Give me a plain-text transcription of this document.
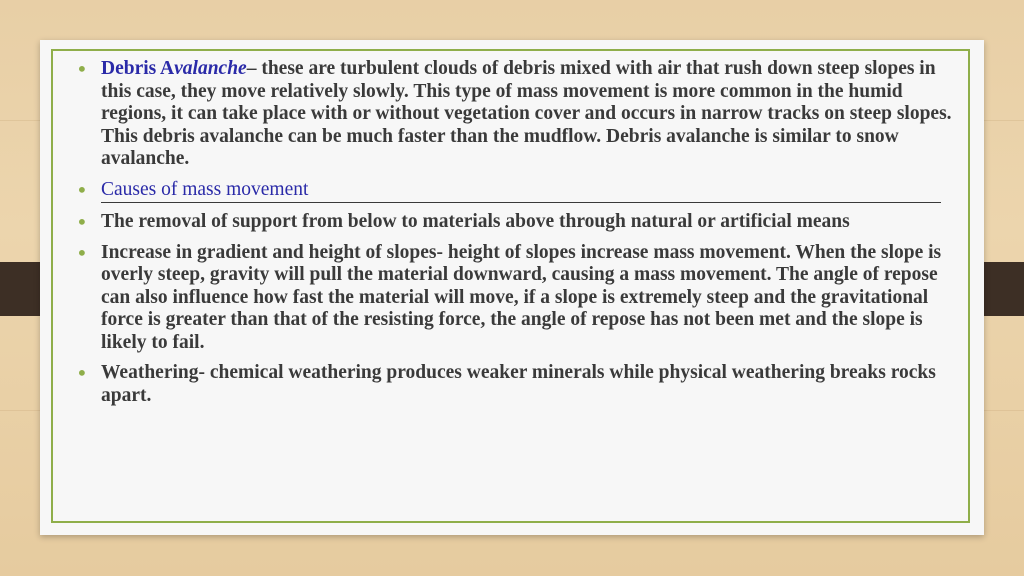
• Debris Avalanche– these are turbulent clouds of debris mixed with air that rush down steep slopes in this case, they move relatively slowly. This type of mass movement is more common in the humid regions, it can take place with or without vegetation cover and occurs in narrow tracks on steep slopes. This debris avalanche can be much faster than the mudflow. Debris avalanche is similar to snow avalanche.
• Causes of mass movement
• The removal of support from below to materials above through natural or artificial means
• Increase in gradient and height of slopes- height of slopes increase mass movement. When the slope is overly steep, gravity will pull the material downward, causing a mass movement. The angle of repose can also influence how fast the material will move, if a slope is extremely steep and the gravitational force is greater than that of the resisting force, the angle of repose has not been met and the slope is likely to fail.
• Weathering- chemical weathering produces weaker minerals while physical weathering breaks rocks apart.
